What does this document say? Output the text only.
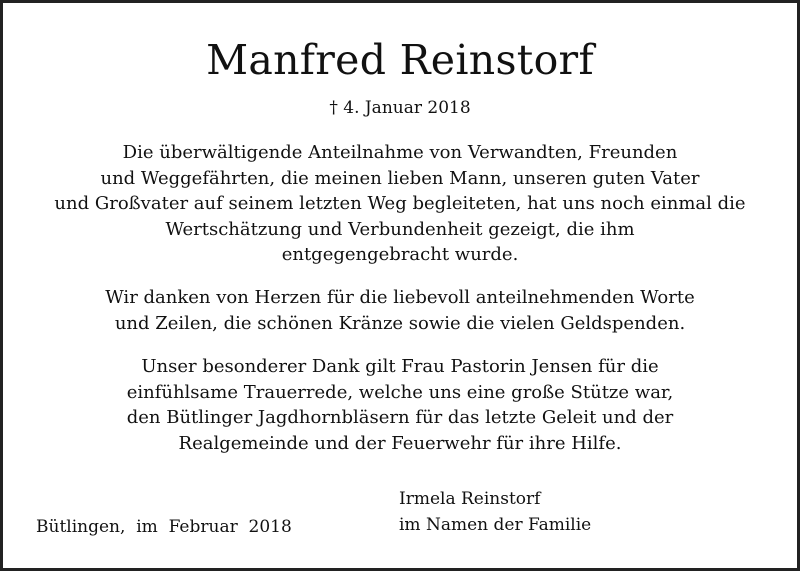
Manfred Reinstorf
† 4. Januar 2018
Die überwältigende Anteilnahme von Verwandten, Freunden
und Weggefährten, die meinen lieben Mann, unseren guten Vater
und Großvater auf seinem letzten Weg begleiteten, hat uns noch einmal die
Wertschätzung und Verbundenheit gezeigt, die ihm
entgegengebracht wurde.
Wir danken von Herzen für die liebevoll anteilnehmenden Worte
und Zeilen, die schönen Kränze sowie die vielen Geldspenden.
Unser besonderer Dank gilt Frau Pastorin Jensen für die
einfühlsame Trauerrede, welche uns eine große Stütze war,
den Bütlinger Jagdhornbläsern für das letzte Geleit und der
Realgemeinde und der Feuerwehr für ihre Hilfe.
Bütlingen,  im  Februar  2018
Irmela Reinstorf
im Namen der Familie
